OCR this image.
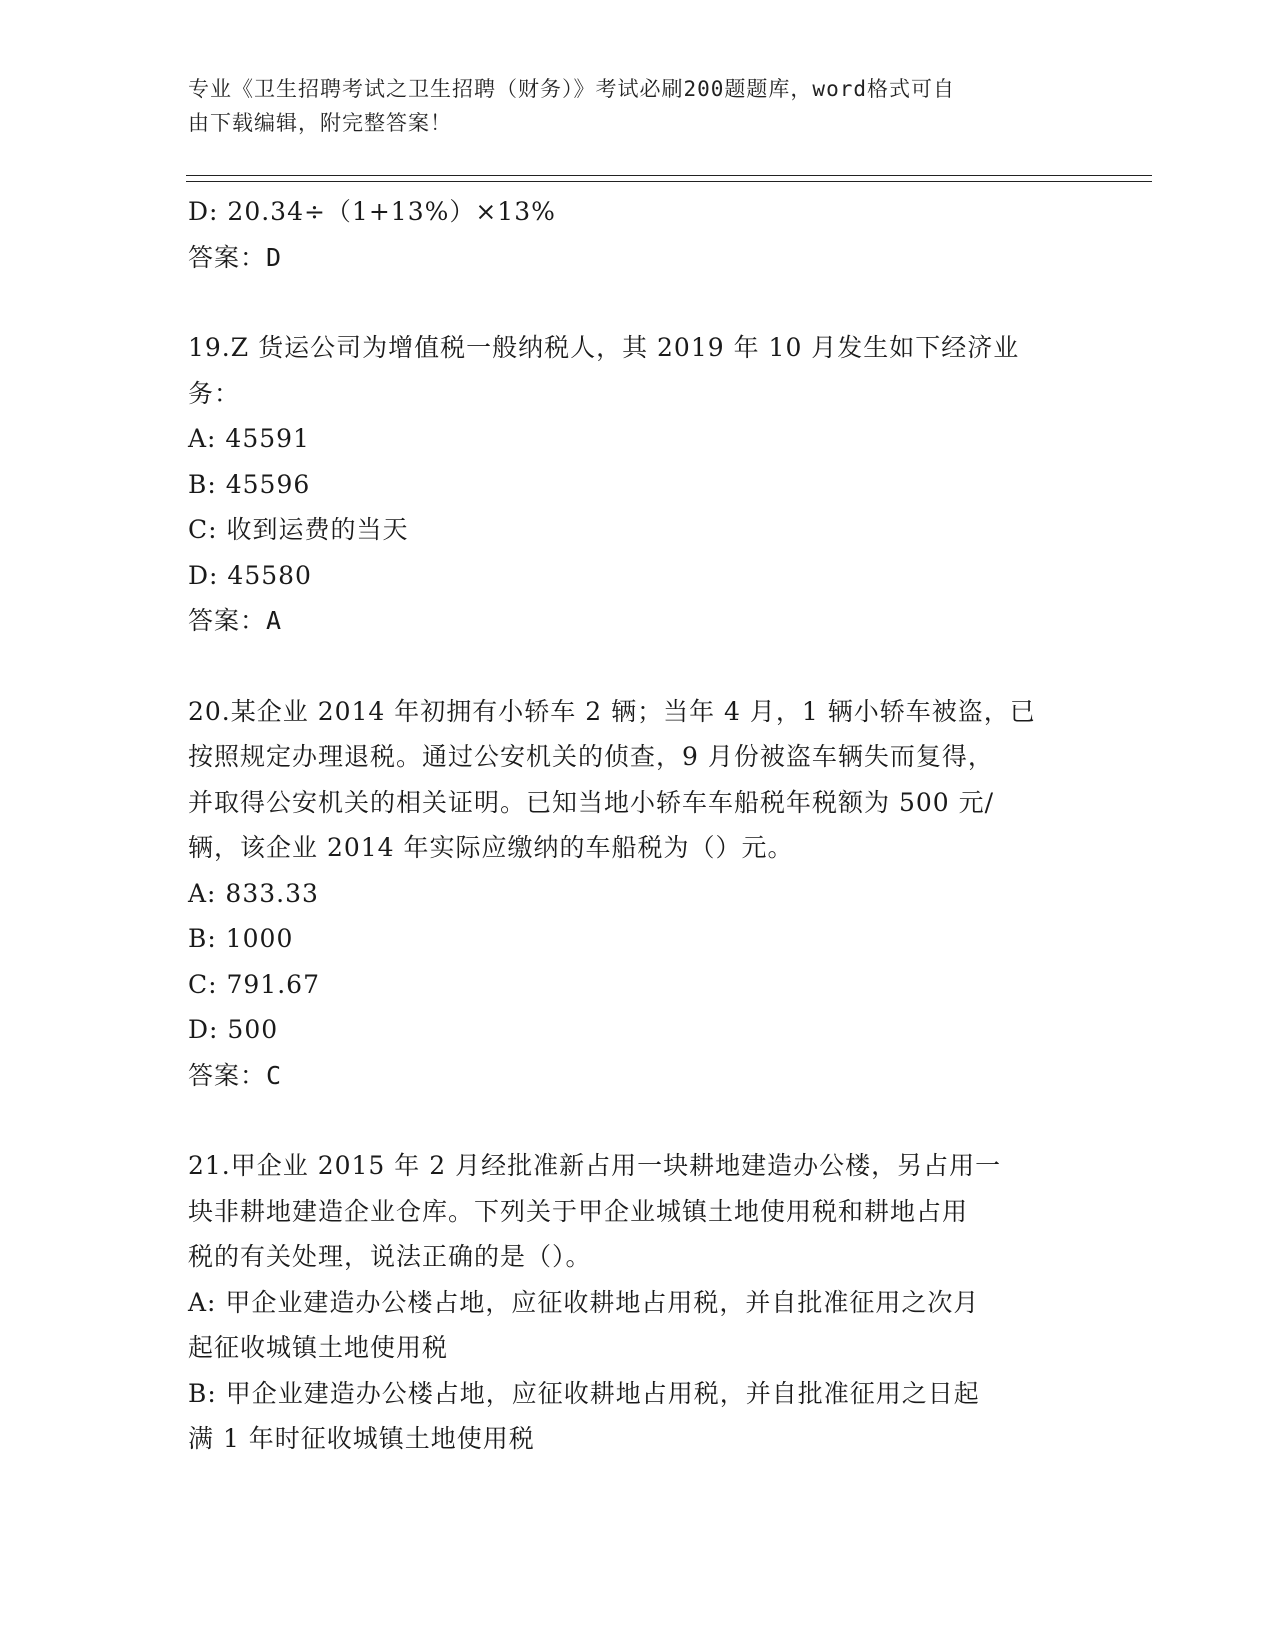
专业《卫生招聘考试之卫生招聘（财务）》考试必刷200题题库，word格式可自
由下载编辑，附完整答案！

D: 20.34÷（1+13%）×13%

答案：D

19.Z 货运公司为增值税一般纳税人，其 2019 年 10 月发生如下经济业

务：

A: 45591

B: 45596

C: 收到运费的当天

D: 45580

答案：A

20.某企业 2014 年初拥有小轿车 2 辆；当年 4 月，1 辆小轿车被盗，已

按照规定办理退税。通过公安机关的侦查，9 月份被盗车辆失而复得，

并取得公安机关的相关证明。已知当地小轿车车船税年税额为 500 元/

辆，该企业 2014 年实际应缴纳的车船税为（）元。

A: 833.33

B: 1000

C: 791.67

D: 500

答案：C

21.甲企业 2015 年 2 月经批准新占用一块耕地建造办公楼，另占用一

块非耕地建造企业仓库。下列关于甲企业城镇土地使用税和耕地占用

税的有关处理，说法正确的是（）。

A: 甲企业建造办公楼占地，应征收耕地占用税，并自批准征用之次月

起征收城镇土地使用税

B: 甲企业建造办公楼占地，应征收耕地占用税，并自批准征用之日起

满 1 年时征收城镇土地使用税
